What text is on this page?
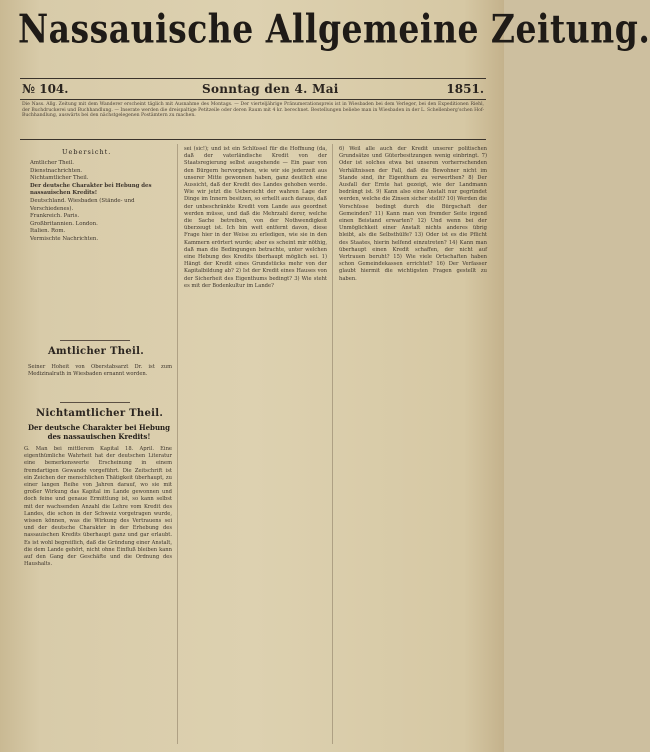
Nassauische Allgemeine Zeitung.
№ 104.	Sonntag den 4. Mai	1851.
Die Nass. Allg. Zeitung mit dem Wanderer erscheint täglich mit Ausnahme des Montags. — Der vierteljährige Pränumerationspreis ist in Wiesbaden bei dem Verleger, bei den Expeditionen Riehl, der Buchdruckerei und Buchhandlung. — Inserate werden die dreispaltige Petitzeile oder deren Raum mit 4 kr. berechnet. Bestellungen beliebe man in Wiesbaden in der L. Schellenberg'schen Hof-Buchhandlung, auswärts bei den nächstgelegenen Postämtern zu machen.
Uebersicht.
Amtlicher Theil.
Dienstnachrichten.
Nichtamtlicher Theil.
Der deutsche Charakter bei Hebung des nassauischen Kredits!
Deutschland. Wiesbaden (Stände- und Verschiedenes).
Frankreich. Paris.
Großbritannien. London.
Italien. Rom.
Vermischte Nachrichten.
Amtlicher Theil.
Seiner Hoheit von Oberstabsarzt Dr. ist zum Medizinalrath in Wiesbaden ernannt worden.
Nichtamtlicher Theil.
Der deutsche Charakter bei Hebung des nassauischen Kredits!
G. Man bei mittlerem Kapital 18. April. Eine eigenthümliche Wahrheit hat der deutschen Literatur eine bemerkenswerte Erscheinung in einem fremdartigen Gewande vorgeführt. Die Zeitschrift ist ein Zeichen der menschlichen Thätigkeit überhaupt, zu einer langen Reihe von Jahren darauf, wo sie mit großer Wirkung das Kapital im Lande gewonnen und doch feine und genaue Ermittlung ist, so kann selbst mit der wachsenden Anzahl die Lehre vom Kredit des Landes, die schon in der Schweiz vorgetragen wurde, wissen können, was die Wirkung des Vertrauens sei und der deutsche Charakter in der Erhebung des nassauischen Kredits überhaupt ganz und gar erlaubt. Es ist wohl begreiflich, daß die Gründung einer Anstalt, die dem Lande gehört, nicht ohne Einfluß bleiben kann auf den Gang der Geschäfte und die Ordnung des Haushalts.
sei (sic!); und ist ein Schlüssel für die Hoffnung (da, daß der vaterländische Kredit von der Staatsregierung selbst ausgehende — Ein paar von den Bürgern hervorgehen, wie wir sie jederzeit aus unserer Mitte gewonnen haben, ganz deutlich eine Aussicht, daß der Kredit des Landes gehoben werde. Wie wir jetzt die Uebersicht der wahren Lage der Dinge im Innern besitzen, so erhellt auch daraus, daß der unbeschränkte Kredit vom Lande aus geordnet werden müsse, und daß die Mehrzahl derer, welche die Sache betreiben, von der Nothwendigkeit überzeugt ist. Ich bin weit entfernt davon, diese Frage hier in der Weise zu erledigen, wie sie in den Kammern erörtert wurde; aber es scheint mir nöthig, daß man die Bedingungen betrachte, unter welchen eine Hebung des Kredits überhaupt möglich sei. 1) Hängt der Kredit eines Grundstücks mehr von der Kapitalbildung ab? 2) Ist der Kredit eines Hauses von der Sicherheit des Eigenthums bedingt? 3) Wie steht es mit der Bodenkultur im Lande?
6) Weil alle auch der Kredit unserer politischen Grundsätze und Güterbesitzungen wenig einbringt. 7) Oder ist solches etwa bei unseren vorherrschenden Verhältnissen der Fall, daß die Bewohner nicht im Stande sind, ihr Eigenthum zu verwerthen? 8) Der Ausfall der Ernte hat gezeigt, wie der Landmann bedrängt ist. 9) Kann also eine Anstalt nur gegründet werden, welche die Zinsen sicher stellt? 10) Werden die Vorschüsse bedingt durch die Bürgschaft der Gemeinden? 11) Kann man von fremder Seite irgend einen Beistand erwarten? 12) Und wenn bei der Unmöglichkeit einer Anstalt nichts anderes übrig bleibt, als die Selbsthülfe? 13) Oder ist es die Pflicht des Staates, hierin helfend einzutreten? 14) Kann man überhaupt einen Kredit schaffen, der nicht auf Vertrauen beruht? 15) Wie viele Ortschaften haben schon Gemeindekassen errichtet? 16) Der Verfasser glaubt hiermit die wichtigsten Fragen gestellt zu haben.
